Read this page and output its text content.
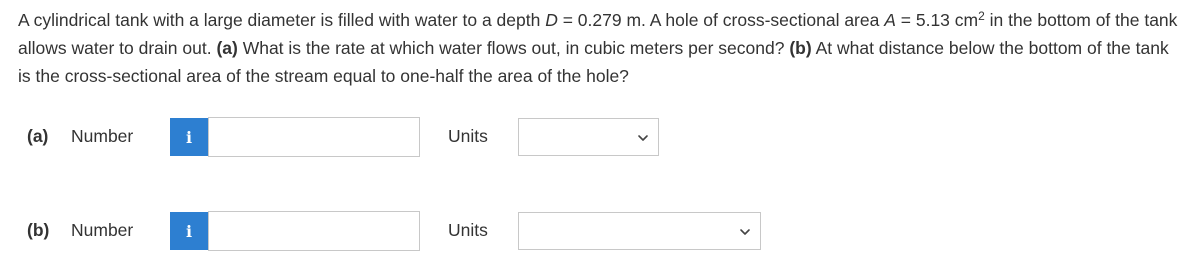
A cylindrical tank with a large diameter is filled with water to a depth D = 0.279 m. A hole of cross-sectional area A = 5.13 $cm^2$ in the bottom of the tank allows water to drain out. (a) What is the rate at which water flows out, in cubic meters per second? (b) At what distance below the bottom of the tank is the cross-sectional area of the stream equal to one-half the area of the hole?
(a) Number	i	Units
(b) Number	i	Units
